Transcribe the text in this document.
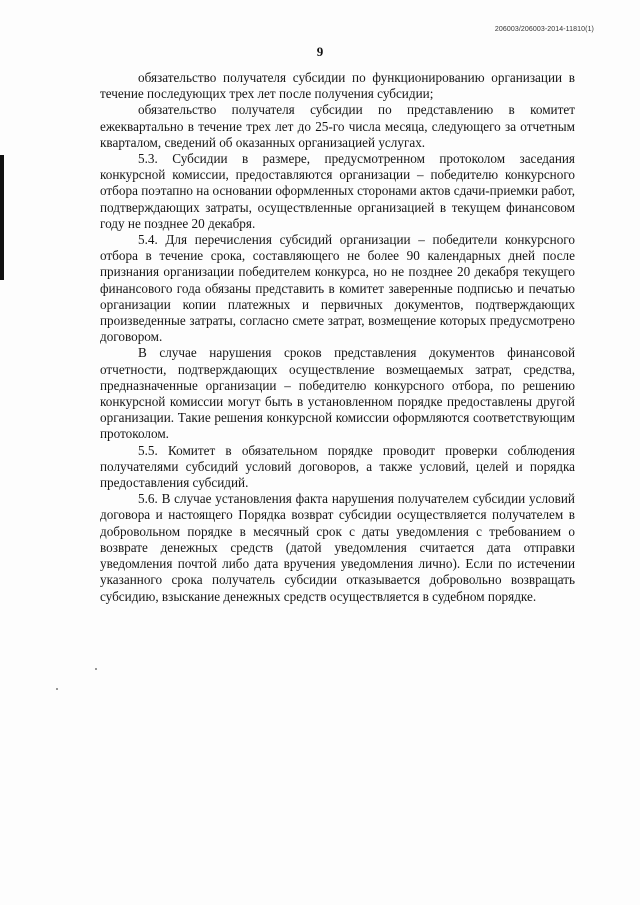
206003/206003-2014-11810(1)
9

обязательство получателя субсидии по функционированию организации в течение последующих трех лет после получения субсидии;

обязательство получателя субсидии по представлению в комитет ежеквартально в течение трех лет до 25-го числа месяца, следующего за отчетным кварталом, сведений об оказанных организацией услугах.

5.3. Субсидии в размере, предусмотренном протоколом заседания конкурсной комиссии, предоставляются организации – победителю конкурсного отбора поэтапно на основании оформленных сторонами актов сдачи-приемки работ, подтверждающих затраты, осуществленные организацией в текущем финансовом году не позднее 20 декабря.

5.4. Для перечисления субсидий организации – победители конкурсного отбора в течение срока, составляющего не более 90 календарных дней после признания организации победителем конкурса, но не позднее 20 декабря текущего финансового года обязаны представить в комитет заверенные подписью и печатью организации копии платежных и первичных документов, подтверждающих произведенные затраты, согласно смете затрат, возмещение которых предусмотрено договором.

В случае нарушения сроков представления документов финансовой отчетности, подтверждающих осуществление возмещаемых затрат, средства, предназначенные организации – победителю конкурсного отбора, по решению конкурсной комиссии могут быть в установленном порядке предоставлены другой организации. Такие решения конкурсной комиссии оформляются соответствующим протоколом.

5.5. Комитет в обязательном порядке проводит проверки соблюдения получателями субсидий условий договоров, а также условий, целей и порядка предоставления субсидий.

5.6. В случае установления факта нарушения получателем субсидии условий договора и настоящего Порядка возврат субсидии осуществляется получателем в добровольном порядке в месячный срок с даты уведомления с требованием о возврате денежных средств (датой уведомления считается дата отправки уведомления почтой либо дата вручения уведомления лично). Если по истечении указанного срока получатель субсидии отказывается добровольно возвращать субсидию, взыскание денежных средств осуществляется в судебном порядке.
